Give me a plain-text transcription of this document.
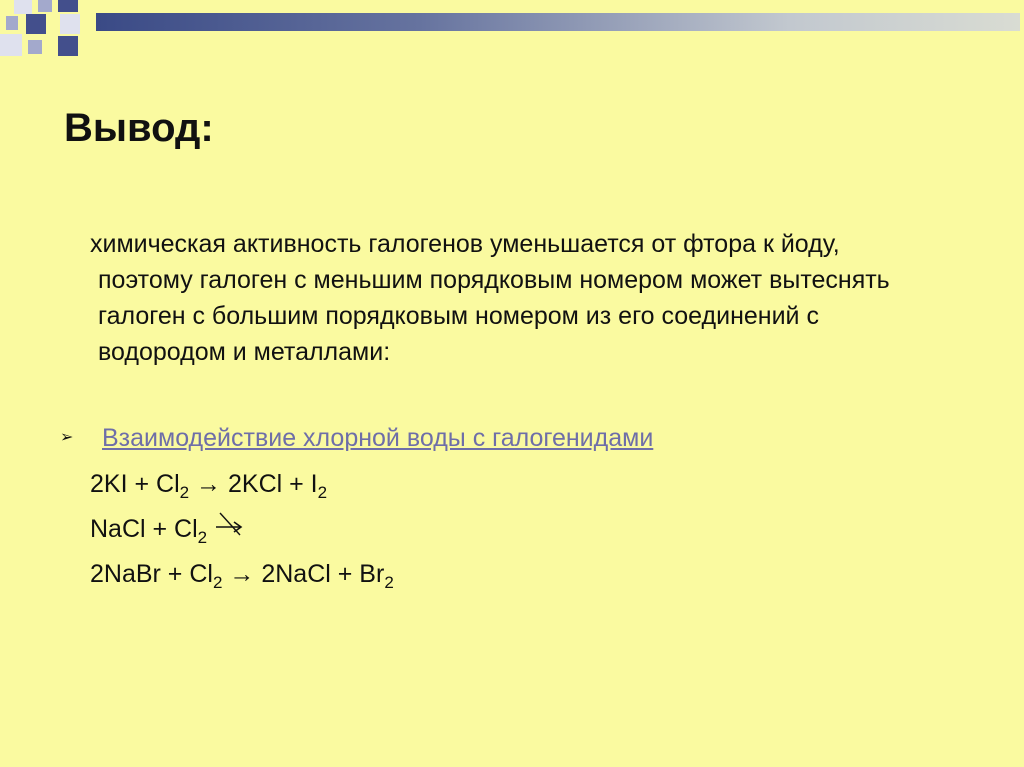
Вывод:

химическая активность галогенов уменьшается от фтора к йоду, поэтому галоген с меньшим порядковым номером может вытеснять галоген с большим порядковым номером из его соединений с водородом и металлами:

➢ Взаимодействие хлорной воды с галогенидами
$2KI + Cl_2 \to 2KCl + I_2$
NaCl + $Cl_2$
2NaBr + $Cl_2$ → 2NaCl + $Br_2$
